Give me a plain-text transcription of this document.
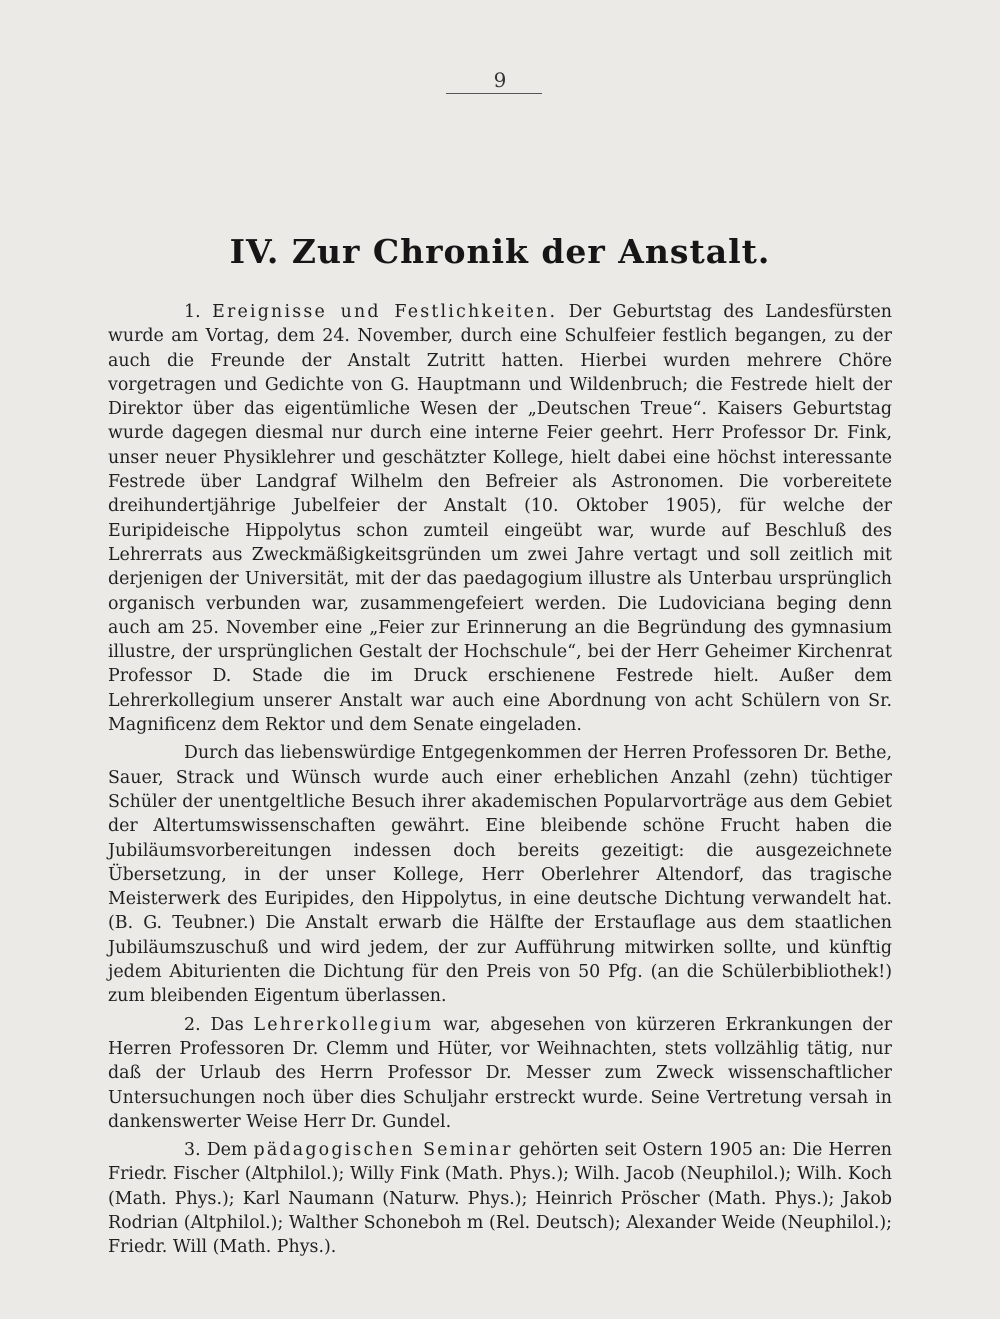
9
IV. Zur Chronik der Anstalt.

1. Ereignisse und Festlichkeiten. Der Geburtstag des Landesfürsten wurde am Vortag, dem 24. November, durch eine Schulfeier festlich begangen, zu der auch die Freunde der Anstalt Zutritt hatten. Hierbei wurden mehrere Chöre vorgetragen und Gedichte von G. Hauptmann und Wildenbruch; die Festrede hielt der Direktor über das eigentümliche Wesen der „Deutschen Treue“. Kaisers Geburtstag wurde dagegen diesmal nur durch eine interne Feier geehrt. Herr Professor Dr. Fink, unser neuer Physiklehrer und geschätzter Kollege, hielt dabei eine höchst interessante Festrede über Landgraf Wilhelm den Befreier als Astronomen. Die vorbereitete dreihundertjährige Jubelfeier der Anstalt (10. Oktober 1905), für welche der Euripideische Hippolytus schon zumteil eingeübt war, wurde auf Beschluß des Lehrerrats aus Zweckmäßigkeitsgründen um zwei Jahre vertagt und soll zeitlich mit derjenigen der Universität, mit der das paedagogium illustre als Unterbau ursprünglich organisch verbunden war, zusammengefeiert werden. Die Ludoviciana beging denn auch am 25. November eine „Feier zur Erinnerung an die Begründung des gymnasium illustre, der ursprünglichen Gestalt der Hochschule“, bei der Herr Geheimer Kirchenrat Professor D. Stade die im Druck erschienene Festrede hielt. Außer dem Lehrerkollegium unserer Anstalt war auch eine Abordnung von acht Schülern von Sr. Magnificenz dem Rektor und dem Senate eingeladen.

Durch das liebenswürdige Entgegenkommen der Herren Professoren Dr. Bethe, Sauer, Strack und Wünsch wurde auch einer erheblichen Anzahl (zehn) tüchtiger Schüler der unentgeltliche Besuch ihrer akademischen Popularvorträge aus dem Gebiet der Altertumswissenschaften gewährt. Eine bleibende schöne Frucht haben die Jubiläumsvorbereitungen indessen doch bereits gezeitigt: die ausgezeichnete Übersetzung, in der unser Kollege, Herr Oberlehrer Altendorf, das tragische Meisterwerk des Euripides, den Hippolytus, in eine deutsche Dichtung verwandelt hat. (B. G. Teubner.) Die Anstalt erwarb die Hälfte der Erstauflage aus dem staatlichen Jubiläumszuschuß und wird jedem, der zur Aufführung mitwirken sollte, und künftig jedem Abiturienten die Dichtung für den Preis von 50 Pfg. (an die Schülerbibliothek!) zum bleibenden Eigentum überlassen.

2. Das Lehrerkollegium war, abgesehen von kürzeren Erkrankungen der Herren Professoren Dr. Clemm und Hüter, vor Weihnachten, stets vollzählig tätig, nur daß der Urlaub des Herrn Professor Dr. Messer zum Zweck wissenschaftlicher Untersuchungen noch über dies Schuljahr erstreckt wurde. Seine Vertretung versah in dankenswerter Weise Herr Dr. Gundel.

3. Dem pädagogischen Seminar gehörten seit Ostern 1905 an: Die Herren Friedr. Fischer (Altphilol.); Willy Fink (Math. Phys.); Wilh. Jacob (Neuphilol.); Wilh. Koch (Math. Phys.); Karl Naumann (Naturw. Phys.); Heinrich Pröscher (Math. Phys.); Jakob Rodrian (Altphilol.); Walther Schoneboh m (Rel. Deutsch); Alexander Weide (Neuphilol.); Friedr. Will (Math. Phys.).
